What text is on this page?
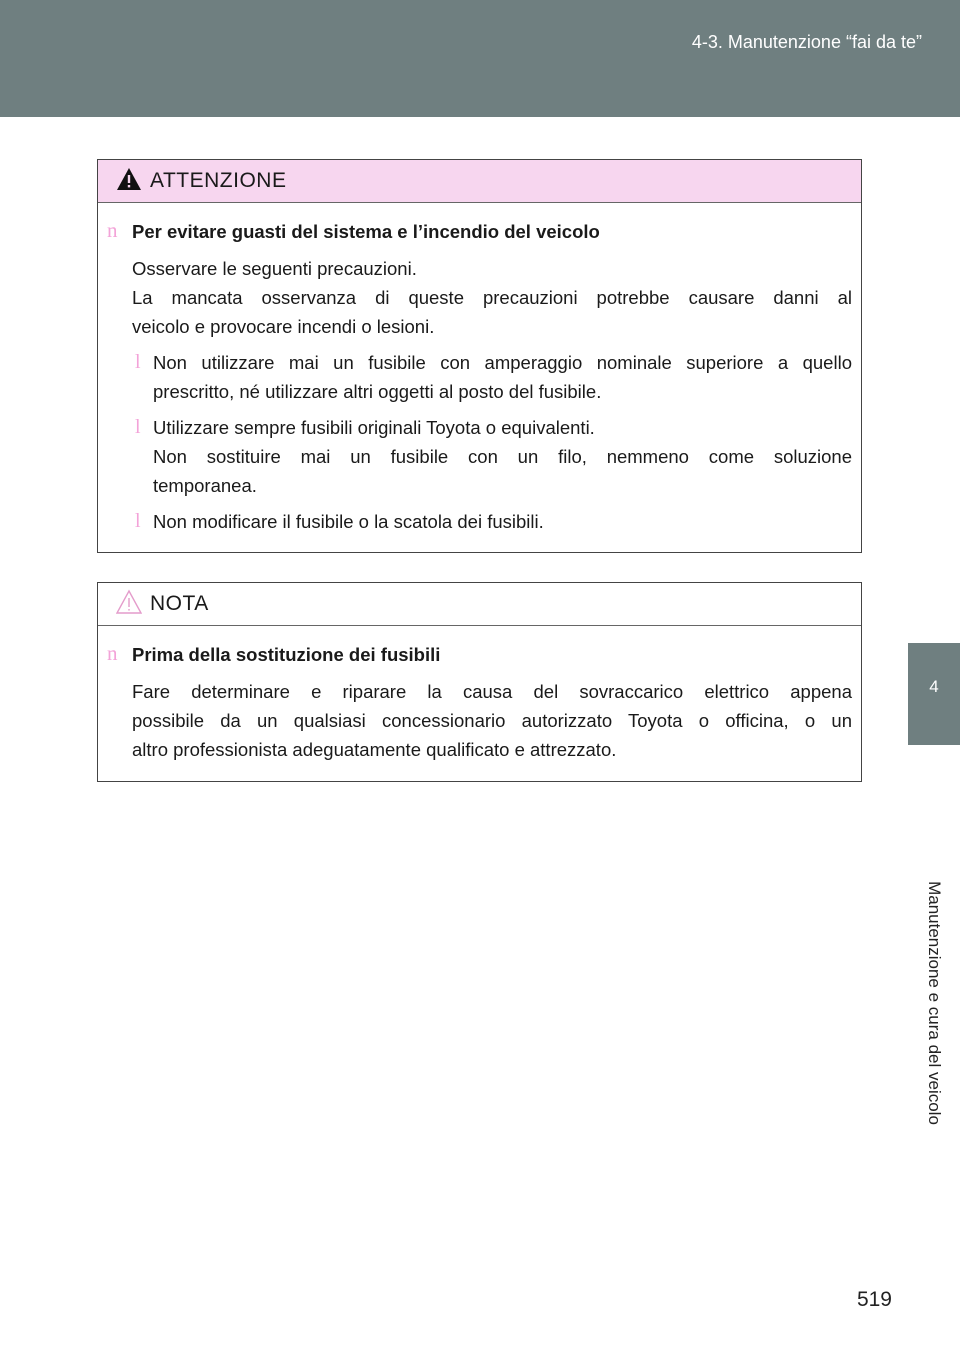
4-3. Manutenzione “fai da te”
4
Manutenzione e cura del veicolo
ATTENZIONE
n Per evitare guasti del sistema e l’incendio del veicolo
Osservare le seguenti precauzioni.
La mancata osservanza di queste precauzioni potrebbe causare danni al
veicolo e provocare incendi o lesioni.
l Non utilizzare mai un fusibile con amperaggio nominale superiore a quello
prescritto, né utilizzare altri oggetti al posto del fusibile.
l Utilizzare sempre fusibili originali Toyota o equivalenti.
Non sostituire mai un fusibile con un filo, nemmeno come soluzione
temporanea.
l Non modificare il fusibile o la scatola dei fusibili.
NOTA
n Prima della sostituzione dei fusibili
Fare determinare e riparare la causa del sovraccarico elettrico appena
possibile da un qualsiasi concessionario autorizzato Toyota o officina, o un
altro professionista adeguatamente qualificato e attrezzato.
519
